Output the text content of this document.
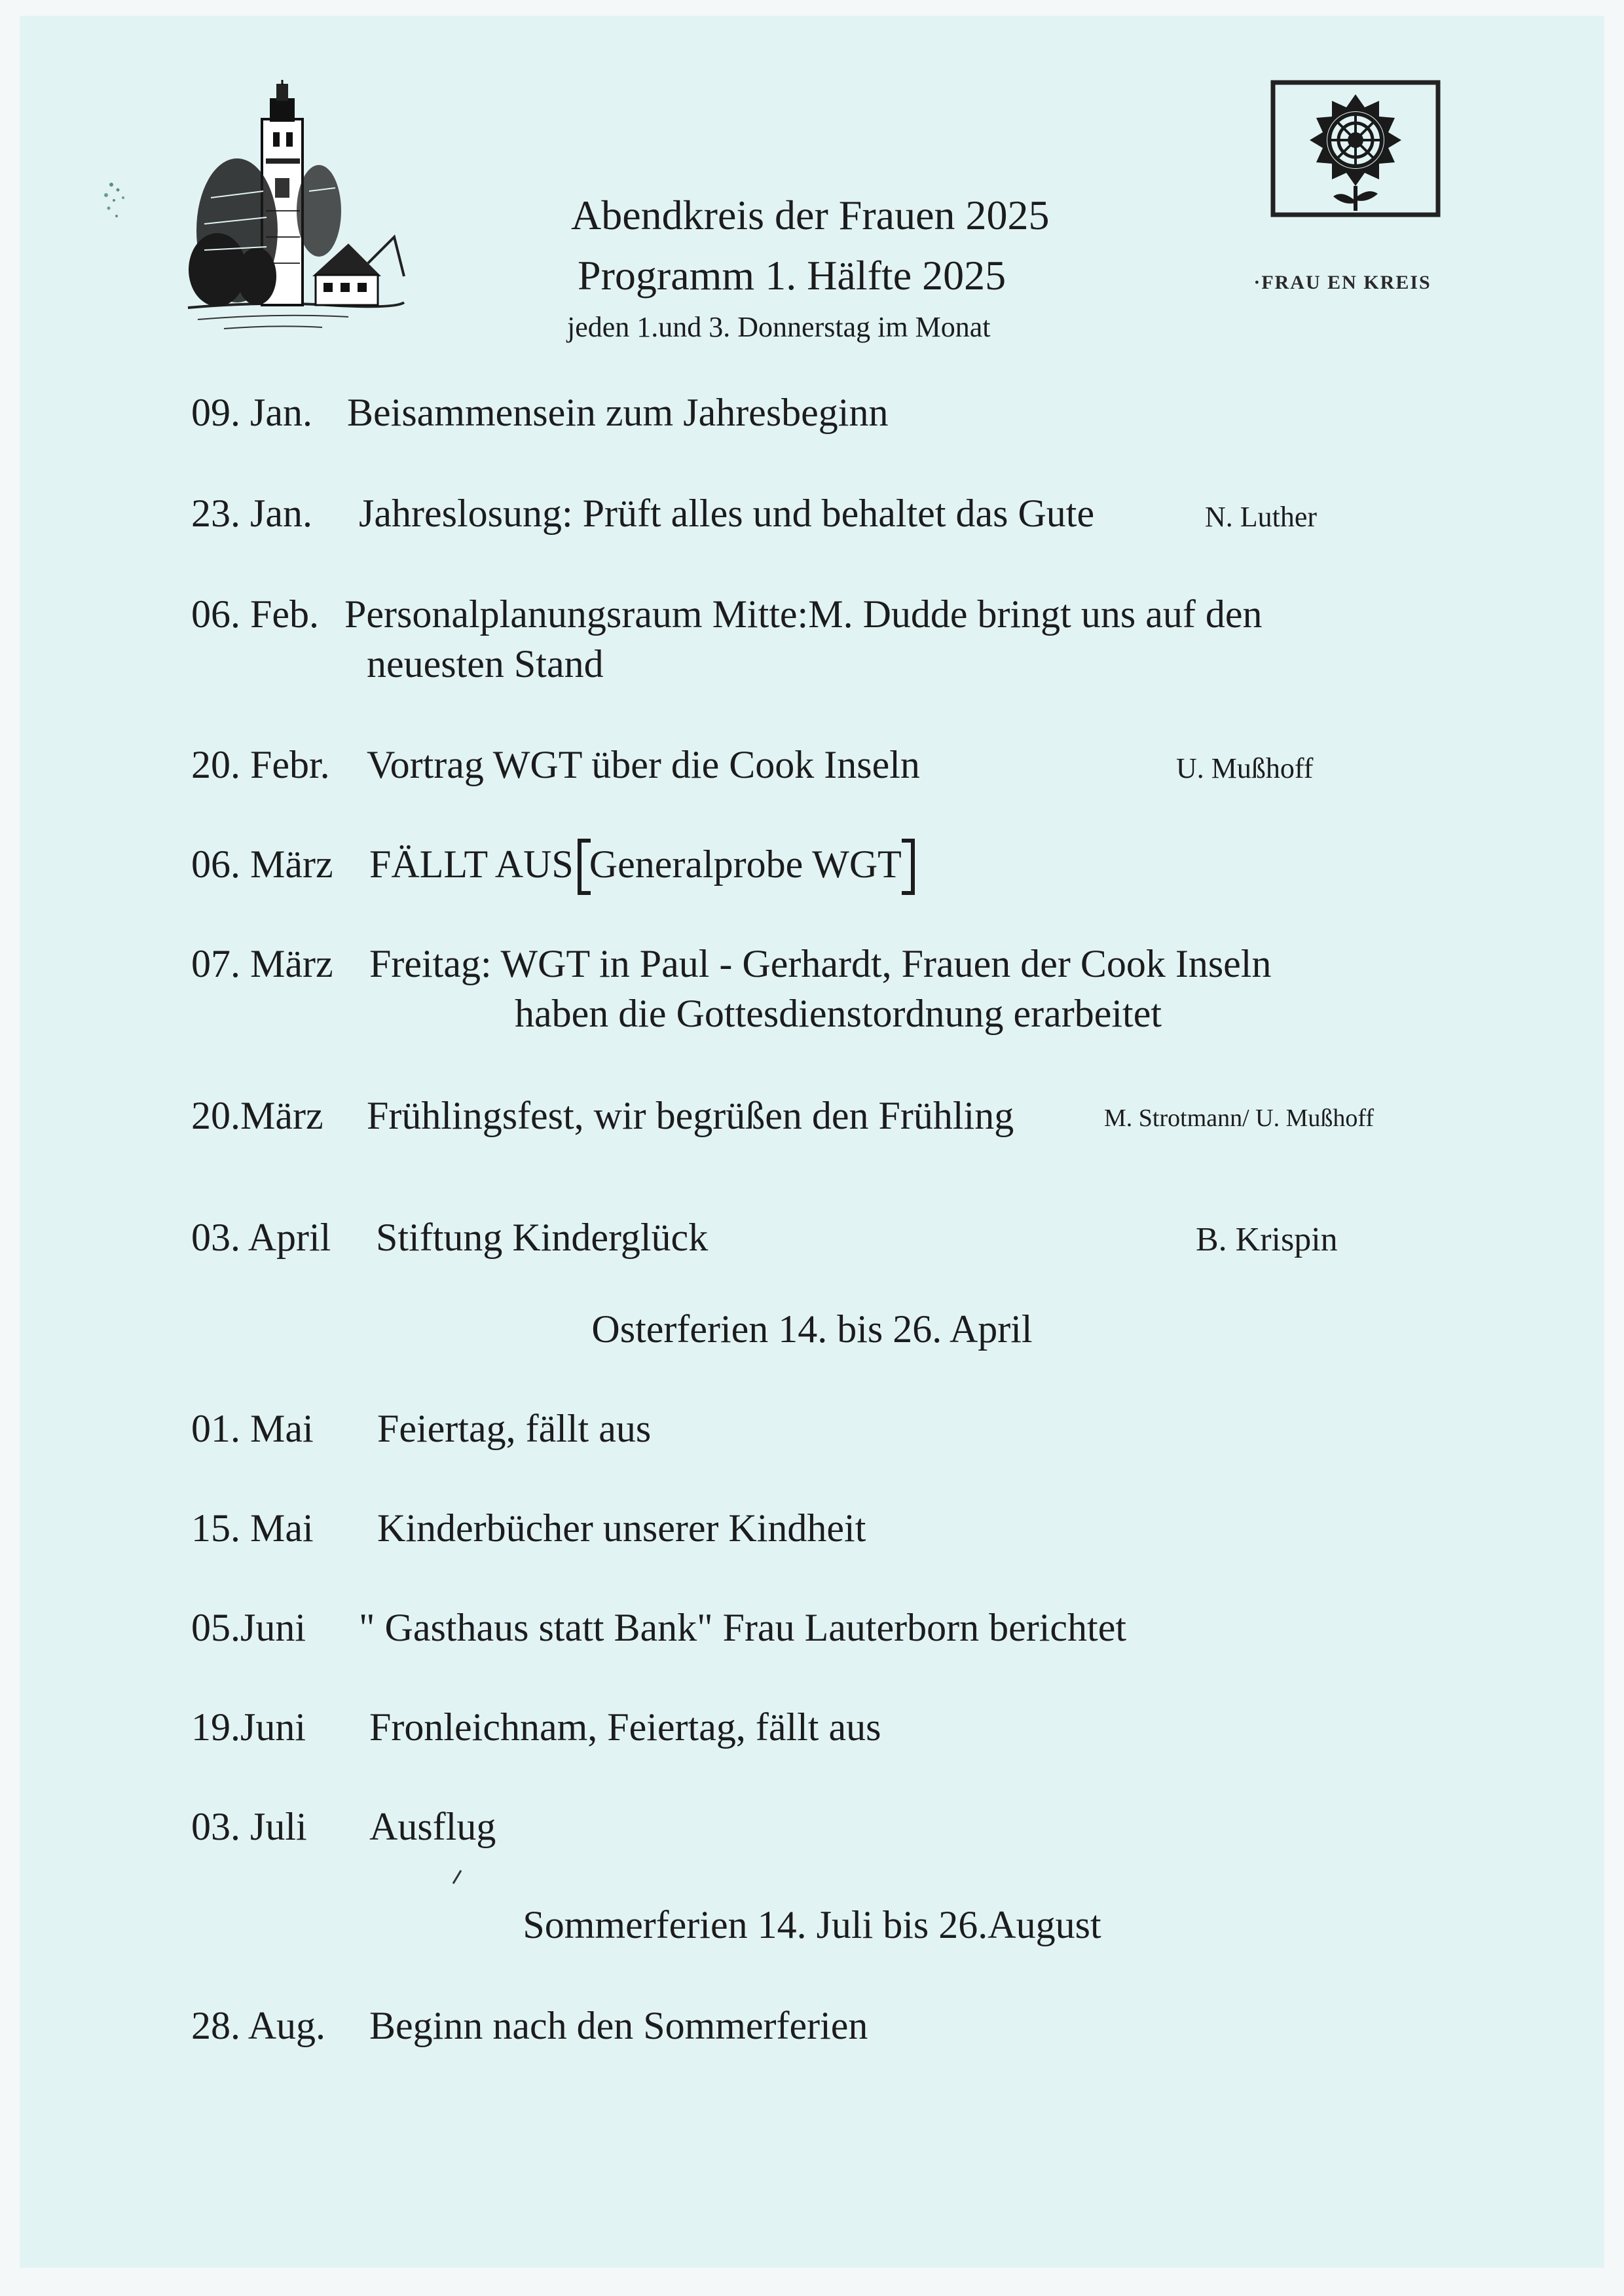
·FRAU EN KREIS
Abendkreis der Frauen 2025
Programm 1. Hälfte 2025
jeden 1.und 3. Donnerstag im Monat
09. Jan. Beisammensein zum Jahresbeginn
23. Jan. Jahreslosung: Prüft alles und behaltet das Gute	N. Luther
06. Feb. Personalplanungsraum Mitte:M. Dudde bringt uns auf den
neuesten Stand
20. Febr. Vortrag WGT über die Cook Inseln	U. Mußhoff
06. März FÄLLT AUS Generalprobe WGT
07. März Freitag: WGT in Paul - Gerhardt, Frauen der Cook Inseln
haben die Gottesdienstordnung erarbeitet
20.März Frühlingsfest, wir begrüßen den Frühling	M. Strotmann/ U. Mußhoff
03. April Stiftung Kinderglück	B. Krispin
Osterferien 14. bis 26. April
01. Mai Feiertag, fällt aus
15. Mai Kinderbücher unserer Kindheit
05.Juni " Gasthaus statt Bank" Frau Lauterborn berichtet
19.Juni Fronleichnam, Feiertag, fällt aus
03. Juli Ausflug
Sommerferien 14. Juli bis 26.August
28. Aug. Beginn nach den Sommerferien
